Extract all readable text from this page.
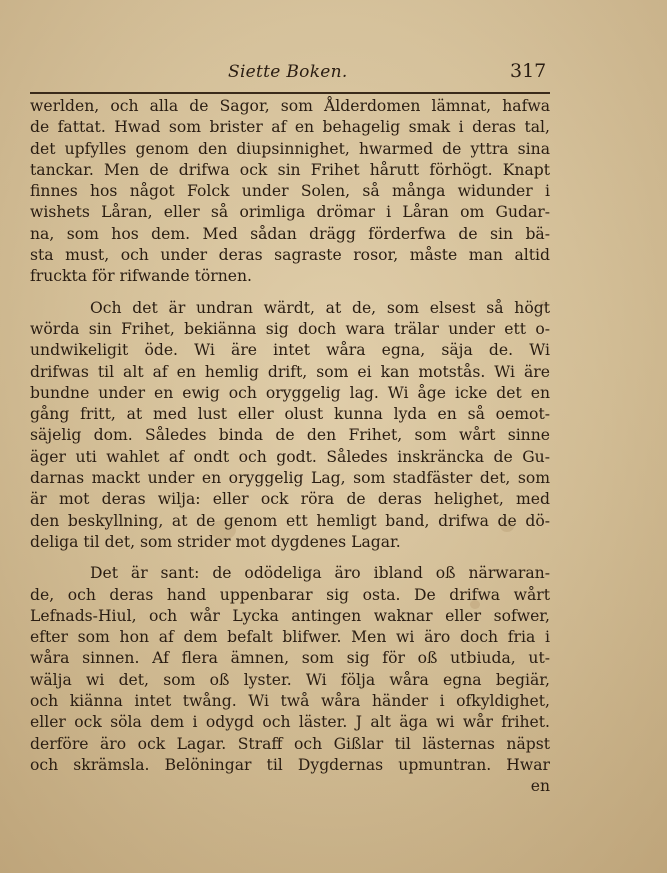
Siette Boken.	317

werlden, och alla de Sagor, som Ålderdomen lämnat, hafwa
de fattat. Hwad som brister af en behagelig smak i deras tal,
det upfylles genom den diupsinnighet, hwarmed de yttra sina
tanckar. Men de drifwa ock sin Frihet hårutt förhögt. Knapt
finnes hos något Folck under Solen, så många widunder i
wishets Låran, eller så orimliga drömar i Låran om Gudar-
na, som hos dem. Med sådan drägg förderfwa de sin bä-
sta must, och under deras sagraste rosor, måste man altid
fruckta för rifwande törnen.

Och det är undran wärdt, at de, som elsest så högt
wörda sin Frihet, bekiänna sig doch wara trälar under ett o-
undwikeligit öde. Wi äre intet wåra egna, säja de. Wi
drifwas til alt af en hemlig drift, som ei kan motstås. Wi äre
bundne under en ewig och oryggelig lag. Wi åge icke det en
gång fritt, at med lust eller olust kunna lyda en så oemot-
säjelig dom. Således binda de den Frihet, som wårt sinne
äger uti wahlet af ondt och godt. Således inskräncka de Gu-
darnas mackt under en oryggelig Lag, som stadfäster det, som
är mot deras wilja: eller ock röra de deras helighet, med
den beskyllning, at de genom ett hemligt band, drifwa de dö-
deliga til det, som strider mot dygdenes Lagar.

Det är sant: de odödeliga äro ibland oß närwaran-
de, och deras hand uppenbarar sig osta. De drifwa wårt
Lefnads-Hiul, och wår Lycka antingen waknar eller sofwer,
efter som hon af dem befalt blifwer. Men wi äro doch fria i
wåra sinnen. Af flera ämnen, som sig för oß utbiuda, ut-
wälja wi det, som oß lyster. Wi följa wåra egna begiär,
och kiänna intet twång. Wi twå wåra händer i ofkyldighet,
eller ock söla dem i odygd och läster. J alt äga wi wår frihet.
derföre äro ock Lagar. Straff och Gißlar til lästernas näpst
och skrämsla. Belöningar til Dygdernas upmuntran. Hwar

en
